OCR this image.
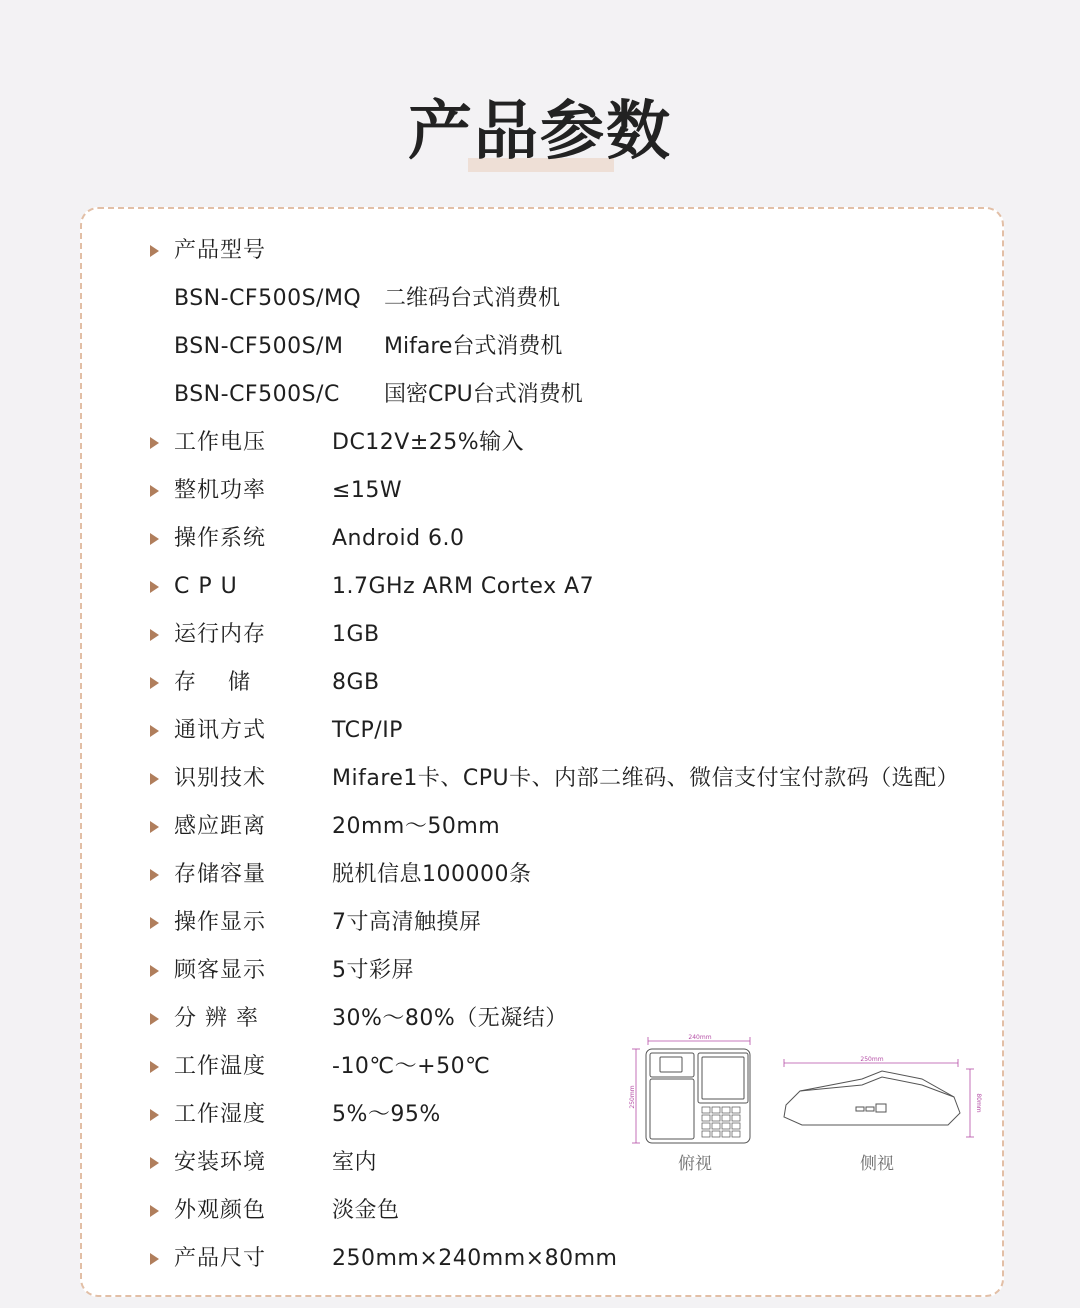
产品参数
产品型号
BSN-CF500S/MQ 二维码台式消费机
BSN-CF500S/M Mifare台式消费机
BSN-CF500S/C 国密CPU台式消费机
工作电压	DC12V±25%输入
整机功率	≤15W
操作系统	Android 6.0
C P U	1.7GHz ARM Cortex A7
运行内存	1GB
存　 储	8GB
通讯方式	TCP/IP
识别技术	Mifare1卡、CPU卡、内部二维码、微信支付宝付款码（选配）
感应距离	20mm～50mm
存储容量	脱机信息100000条
操作显示	7寸高清触摸屏
顾客显示	5寸彩屏
分 辨 率	30%～80%（无凝结）
工作温度	-10℃～+50℃
工作湿度	5%～95%
安装环境	室内
外观颜色	淡金色
产品尺寸	250mm×240mm×80mm
240mm
250mm
俯视
250mm
80mm
侧视
